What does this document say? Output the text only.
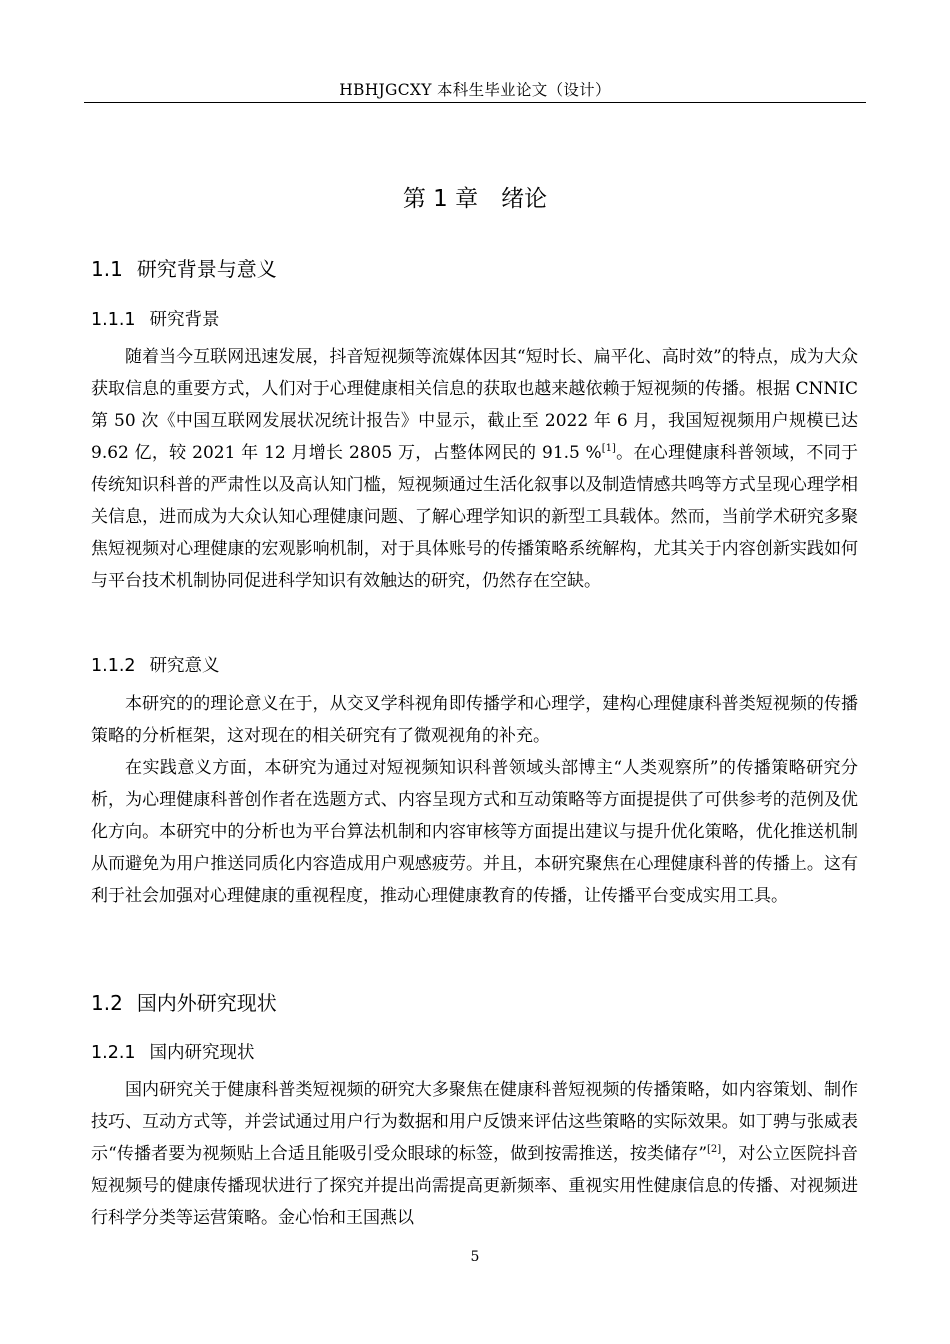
HBHJGCXY 本科生毕业论文（设计）
第 1 章　绪论
1.1 研究背景与意义
1.1.1 研究背景

随着当今互联网迅速发展，抖音短视频等流媒体因其“短时长、扁平化、高时效”的特点，成为大众获取信息的重要方式，人们对于心理健康相关信息的获取也越来越依赖于短视频的传播。根据 CNNIC 第 50 次《中国互联网发展状况统计报告》中显示，截止至 2022 年 6 月，我国短视频用户规模已达 9.62 亿，较 2021 年 12 月增长 2805 万，占整体网民的 91.5 %[1]。在心理健康科普领域，不同于传统知识科普的严肃性以及高认知门槛，短视频通过生活化叙事以及制造情感共鸣等方式呈现心理学相关信息，进而成为大众认知心理健康问题、了解心理学知识的新型工具载体。然而，当前学术研究多聚焦短视频对心理健康的宏观影响机制，对于具体账号的传播策略系统解构，尤其关于内容创新实践如何与平台技术机制协同促进科学知识有效触达的研究，仍然存在空缺。

1.1.2 研究意义

本研究的的理论意义在于，从交叉学科视角即传播学和心理学，建构心理健康科普类短视频的传播策略的分析框架，这对现在的相关研究有了微观视角的补充。

在实践意义方面，本研究为通过对短视频知识科普领域头部博主“人类观察所”的传播策略研究分析，为心理健康科普创作者在选题方式、内容呈现方式和互动策略等方面提提供了可供参考的范例及优化方向。本研究中的分析也为平台算法机制和内容审核等方面提出建议与提升优化策略，优化推送机制从而避免为用户推送同质化内容造成用户观感疲劳。并且，本研究聚焦在心理健康科普的传播上。这有利于社会加强对心理健康的重视程度，推动心理健康教育的传播，让传播平台变成实用工具。

1.2 国内外研究现状
1.2.1 国内研究现状

国内研究关于健康科普类短视频的研究大多聚焦在健康科普短视频的传播策略，如内容策划、制作技巧、互动方式等，并尝试通过用户行为数据和用户反馈来评估这些策略的实际效果。如丁骋与张威表示“传播者要为视频贴上合适且能吸引受众眼球的标签，做到按需推送，按类储存”[2]，对公立医院抖音短视频号的健康传播现状进行了探究并提出尚需提高更新频率、重视实用性健康信息的传播、对视频进行科学分类等运营策略。金心怡和王国燕以

5
